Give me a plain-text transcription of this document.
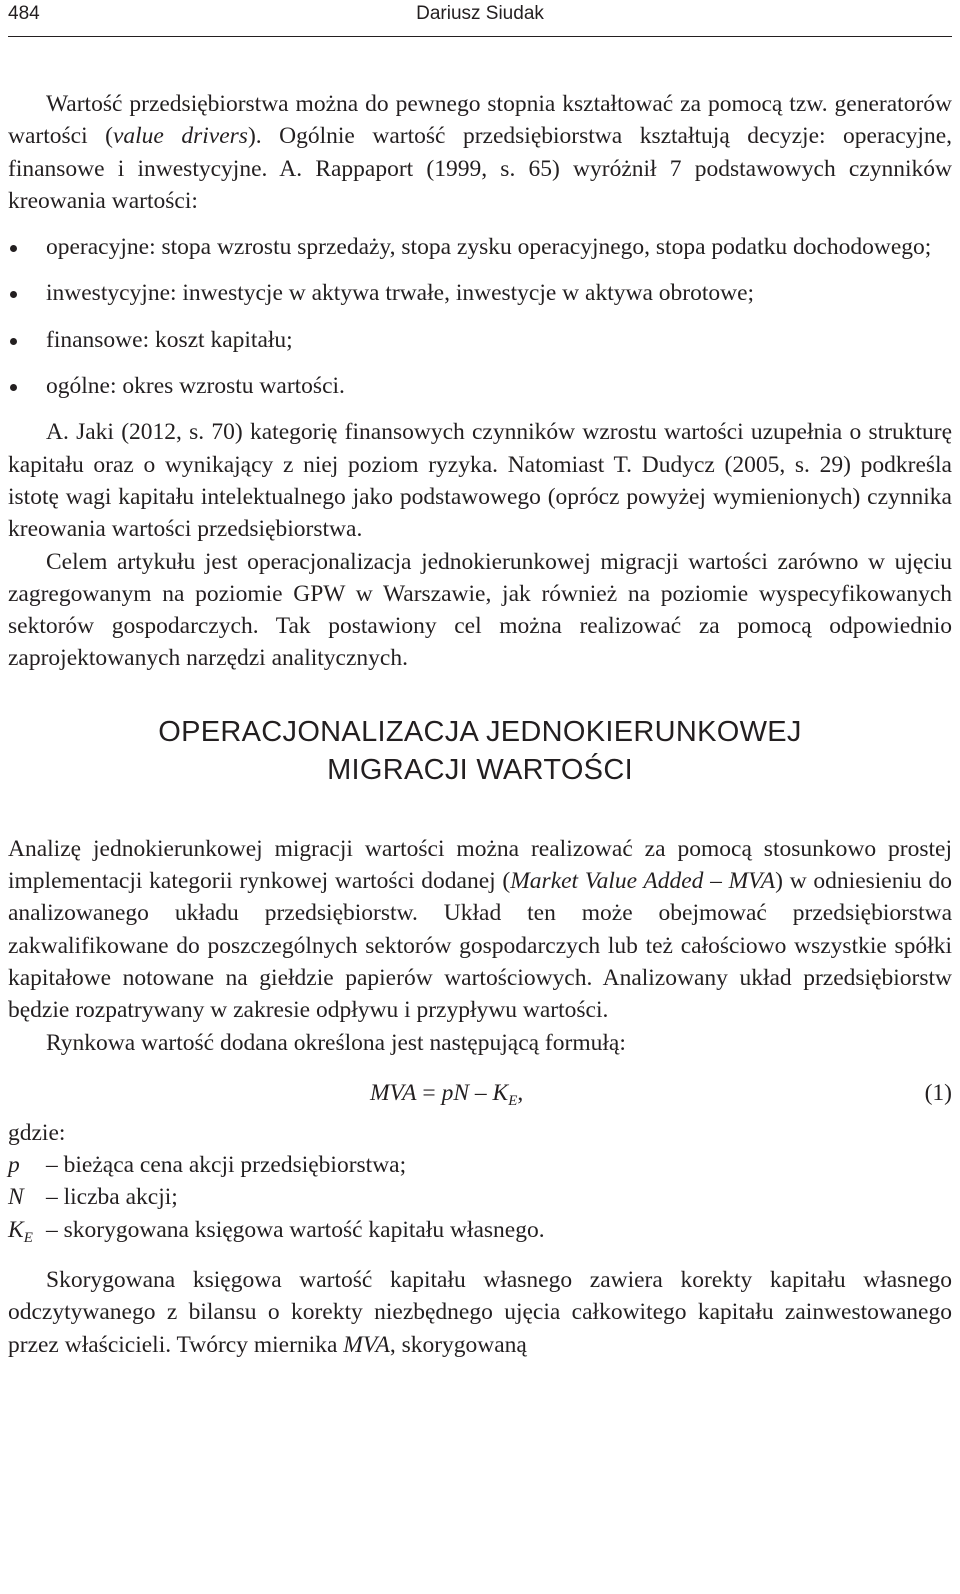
484	Dariusz Siudak

Wartość przedsiębiorstwa można do pewnego stopnia kształtować za pomocą tzw. generatorów wartości (value drivers). Ogólnie wartość przedsiębiorstwa kształtują decyzje: operacyjne, finansowe i inwestycyjne. A. Rappaport (1999, s. 65) wyróżnił 7 podstawowych czynników kreowania wartości:

operacyjne: stopa wzrostu sprzedaży, stopa zysku operacyjnego, stopa podatku dochodowego;
inwestycyjne: inwestycje w aktywa trwałe, inwestycje w aktywa obrotowe;
finansowe: koszt kapitału;
ogólne: okres wzrostu wartości.

A. Jaki (2012, s. 70) kategorię finansowych czynników wzrostu wartości uzupełnia o strukturę kapitału oraz o wynikający z niej poziom ryzyka. Natomiast T. Dudycz (2005, s. 29) podkreśla istotę wagi kapitału intelektualnego jako podstawowego (oprócz powyżej wymienionych) czynnika kreowania wartości przedsiębiorstwa.

Celem artykułu jest operacjonalizacja jednokierunkowej migracji wartości zarówno w ujęciu zagregowanym na poziomie GPW w Warszawie, jak również na poziomie wyspecyfikowanych sektorów gospodarczych. Tak postawiony cel można realizować za pomocą odpowiednio zaprojektowanych narzędzi analitycznych.

OPERACJONALIZACJA JEDNOKIERUNKOWEJ
MIGRACJI WARTOŚCI

Analizę jednokierunkowej migracji wartości można realizować za pomocą stosunkowo prostej implementacji kategorii rynkowej wartości dodanej (Market Value Added – MVA) w odniesieniu do analizowanego układu przedsiębiorstw. Układ ten może obejmować przedsiębiorstwa zakwalifikowane do poszczególnych sektorów gospodarczych lub też całościowo wszystkie spółki kapitałowe notowane na giełdzie papierów wartościowych. Analizowany układ przedsiębiorstw będzie rozpatrywany w zakresie odpływu i przypływu wartości.

Rynkowa wartość dodana określona jest następującą formułą:

MVA = pN – $K_E$,	(1)
gdzie:
p – bieżąca cena akcji przedsiębiorstwa;
N – liczba akcji;
$K_E$ – skorygowana księgowa wartość kapitału własnego.

Skorygowana księgowa wartość kapitału własnego zawiera korekty kapitału własnego odczytywanego z bilansu o korekty niezbędnego ujęcia całkowitego kapitału zainwestowanego przez właścicieli. Twórcy miernika MVA, skorygowaną
